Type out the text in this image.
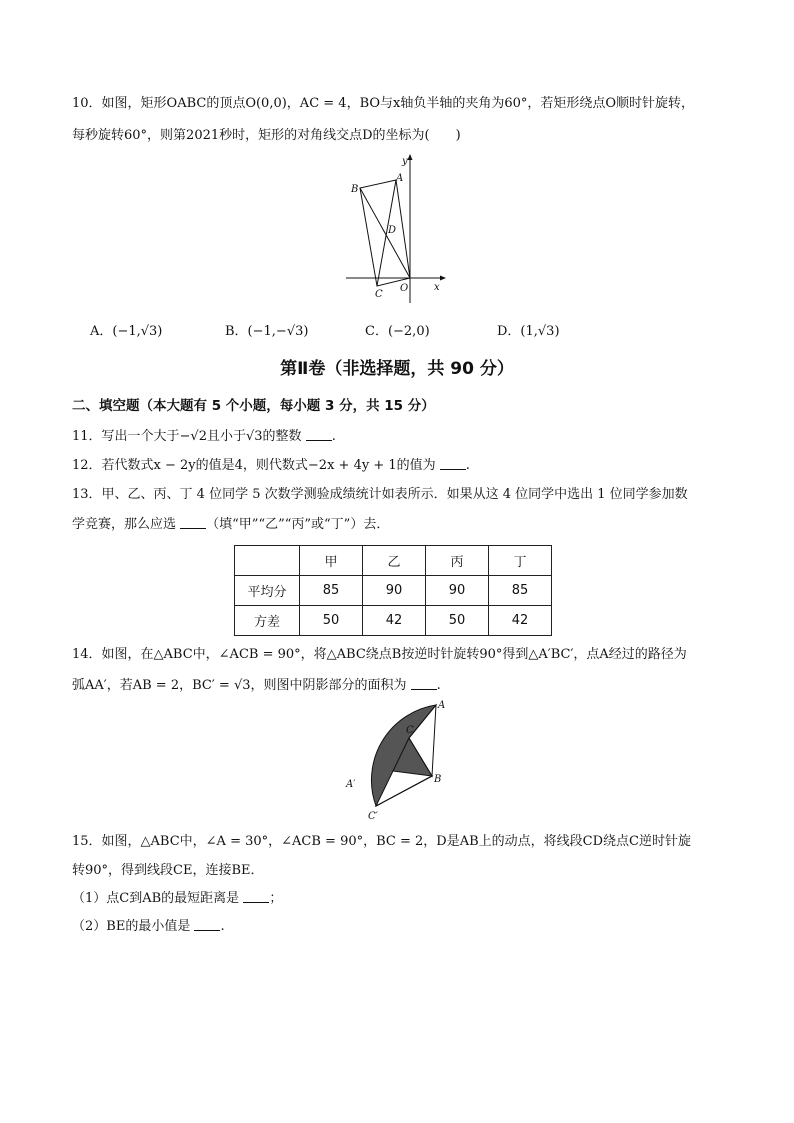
10．如图，矩形OABC的顶点O(0,0)，AC = 4，BO与x轴负半轴的夹角为60°，若矩形绕点O顺时针旋转，
每秒旋转60°，则第2021秒时，矩形的对角线交点D的坐标为(　　)
y
x
B
A
D
C
O
A．(−1,√3)	B．(−1,−√3)	C．(−2,0)	D．(1,√3)
第Ⅱ卷（非选择题，共 90 分）
二、填空题（本大题有 5 个小题，每小题 3 分，共 15 分）
11．写出一个大于−√2且小于√3的整数 .
12．若代数式x − 2y的值是4，则代数式−2x + 4y + 1的值为 .
13．甲、乙、丙、丁 4 位同学 5 次数学测验成绩统计如表所示．如果从这 4 位同学中选出 1 位同学参加数
学竞赛，那么应选 （填“甲”“乙”“丙”或“丁”）去．
	甲	乙	丙	丁
平均分	85	90	90	85
方差	50	42	50	42
14．如图，在△ABC中，∠ACB = 90°，将△ABC绕点B按逆时针旋转90°得到△A′BC′，点A经过的路径为
弧AA′，若AB = 2，BC′ = √3，则图中阴影部分的面积为 .
A
C
B
A′
C′
15．如图，△ABC中，∠A = 30°，∠ACB = 90°，BC = 2，D是AB上的动点，将线段CD绕点C逆时针旋
转90°，得到线段CE，连接BE．
（1）点C到AB的最短距离是 ；
（2）BE的最小值是 .
